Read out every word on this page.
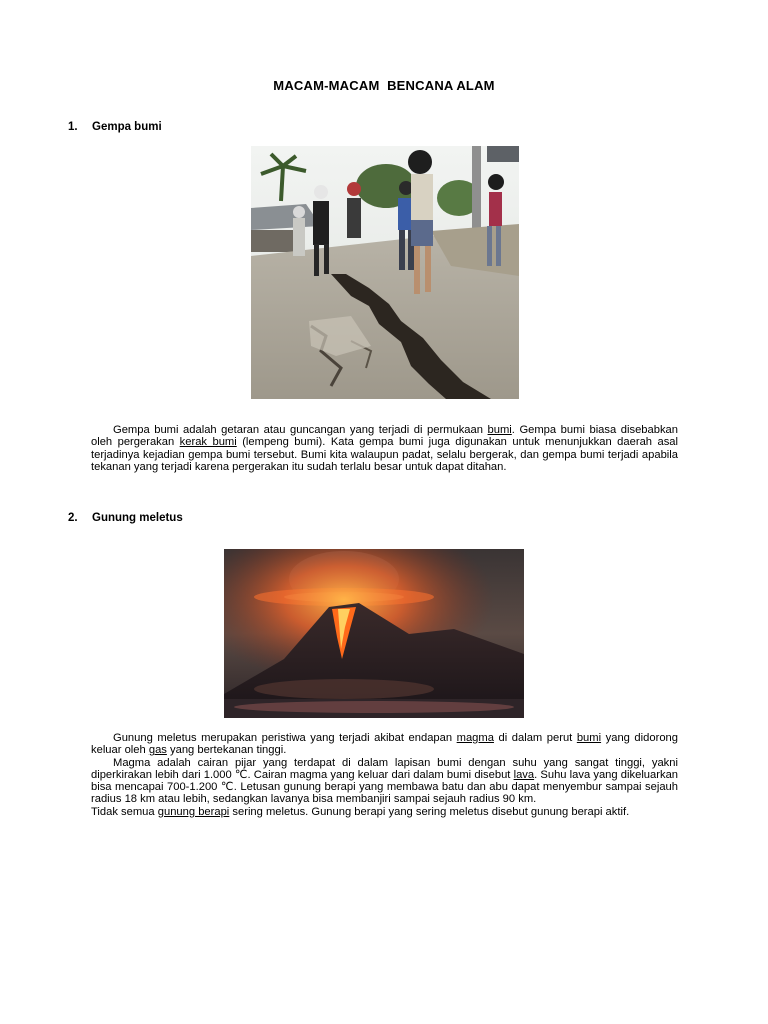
MACAM-MACAM  BENCANA ALAM
1. Gempa bumi
Gempa bumi adalah getaran atau guncangan yang terjadi di permukaan bumi. Gempa bumi biasa disebabkan oleh pergerakan kerak bumi (lempeng bumi). Kata gempa bumi juga digunakan untuk menunjukkan daerah asal terjadinya kejadian gempa bumi tersebut. Bumi kita walaupun padat, selalu bergerak, dan gempa bumi terjadi apabila tekanan yang terjadi karena pergerakan itu sudah terlalu besar untuk dapat ditahan.
2. Gunung meletus

Gunung meletus merupakan peristiwa yang terjadi akibat endapan magma di dalam perut bumi yang didorong keluar oleh gas yang bertekanan tinggi.

Magma adalah cairan pijar yang terdapat di dalam lapisan bumi dengan suhu yang sangat tinggi, yakni diperkirakan lebih dari 1.000 ℃. Cairan magma yang keluar dari dalam bumi disebut lava. Suhu lava yang dikeluarkan bisa mencapai 700-1.200 ℃. Letusan gunung berapi yang membawa batu dan abu dapat menyembur sampai sejauh radius 18 km atau lebih, sedangkan lavanya bisa membanjiri sampai sejauh radius 90 km.

Tidak semua gunung berapi sering meletus. Gunung berapi yang sering meletus disebut gunung berapi aktif.
